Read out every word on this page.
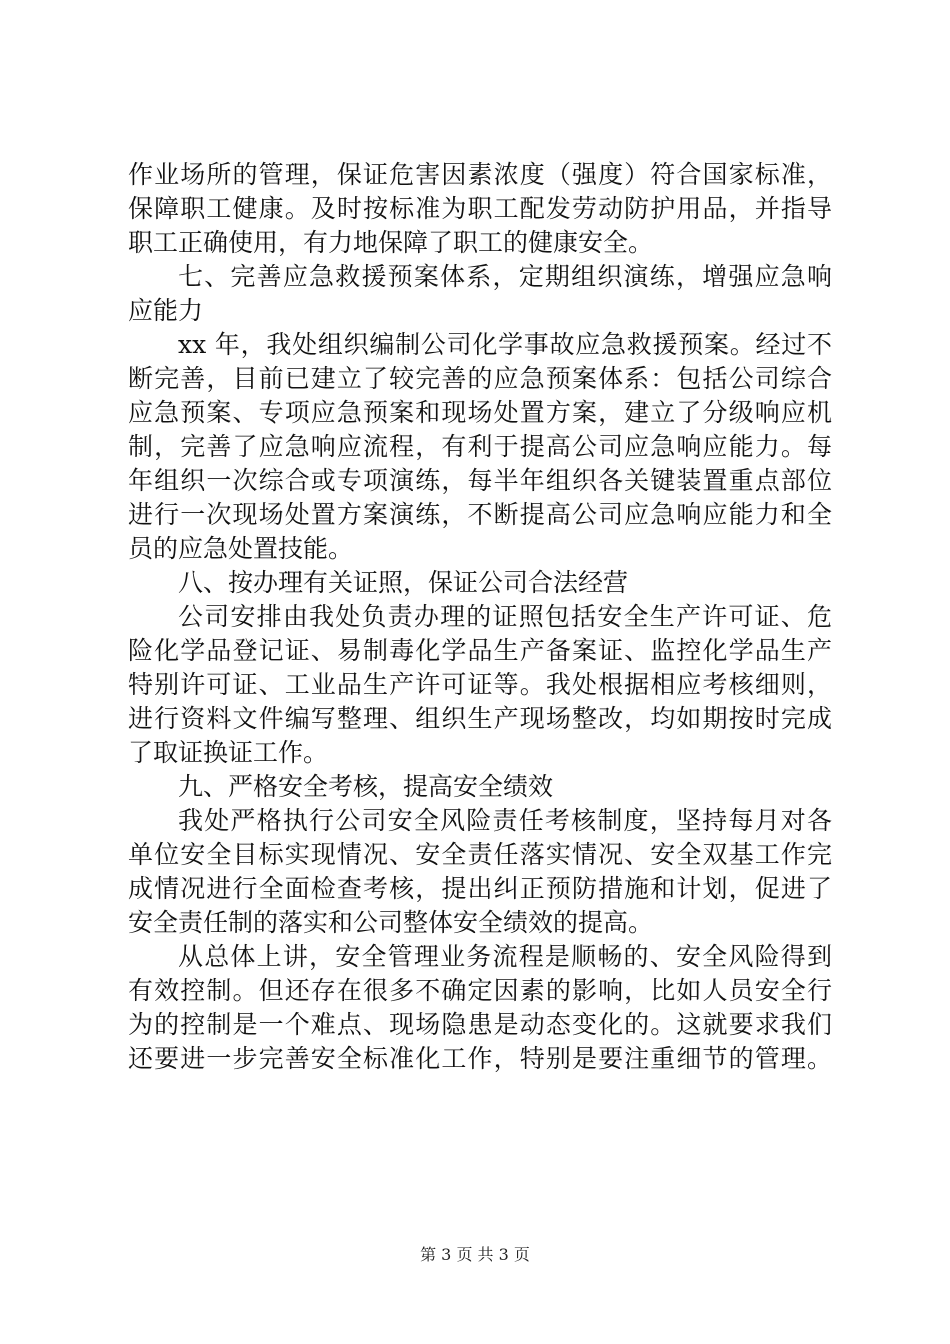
作业场所的管理，保证危害因素浓度（强度）符合国家标准，
保障职工健康。及时按标准为职工配发劳动防护用品，并指导
职工正确使用，有力地保障了职工的健康安全。
七、完善应急救援预案体系，定期组织演练，增强应急响
应能力
xx 年，我处组织编制公司化学事故应急救援预案。经过不
断完善，目前已建立了较完善的应急预案体系：包括公司综合
应急预案、专项应急预案和现场处置方案，建立了分级响应机
制，完善了应急响应流程，有利于提高公司应急响应能力。每
年组织一次综合或专项演练，每半年组织各关键装置重点部位
进行一次现场处置方案演练，不断提高公司应急响应能力和全
员的应急处置技能。
八、按办理有关证照，保证公司合法经营
公司安排由我处负责办理的证照包括安全生产许可证、危
险化学品登记证、易制毒化学品生产备案证、监控化学品生产
特别许可证、工业品生产许可证等。我处根据相应考核细则，
进行资料文件编写整理、组织生产现场整改，均如期按时完成
了取证换证工作。
九、严格安全考核，提高安全绩效
我处严格执行公司安全风险责任考核制度，坚持每月对各
单位安全目标实现情况、安全责任落实情况、安全双基工作完
成情况进行全面检查考核，提出纠正预防措施和计划，促进了
安全责任制的落实和公司整体安全绩效的提高。
从总体上讲，安全管理业务流程是顺畅的、安全风险得到
有效控制。但还存在很多不确定因素的影响，比如人员安全行
为的控制是一个难点、现场隐患是动态变化的。这就要求我们
还要进一步完善安全标准化工作，特别是要注重细节的管理。
第 3 页 共 3 页
